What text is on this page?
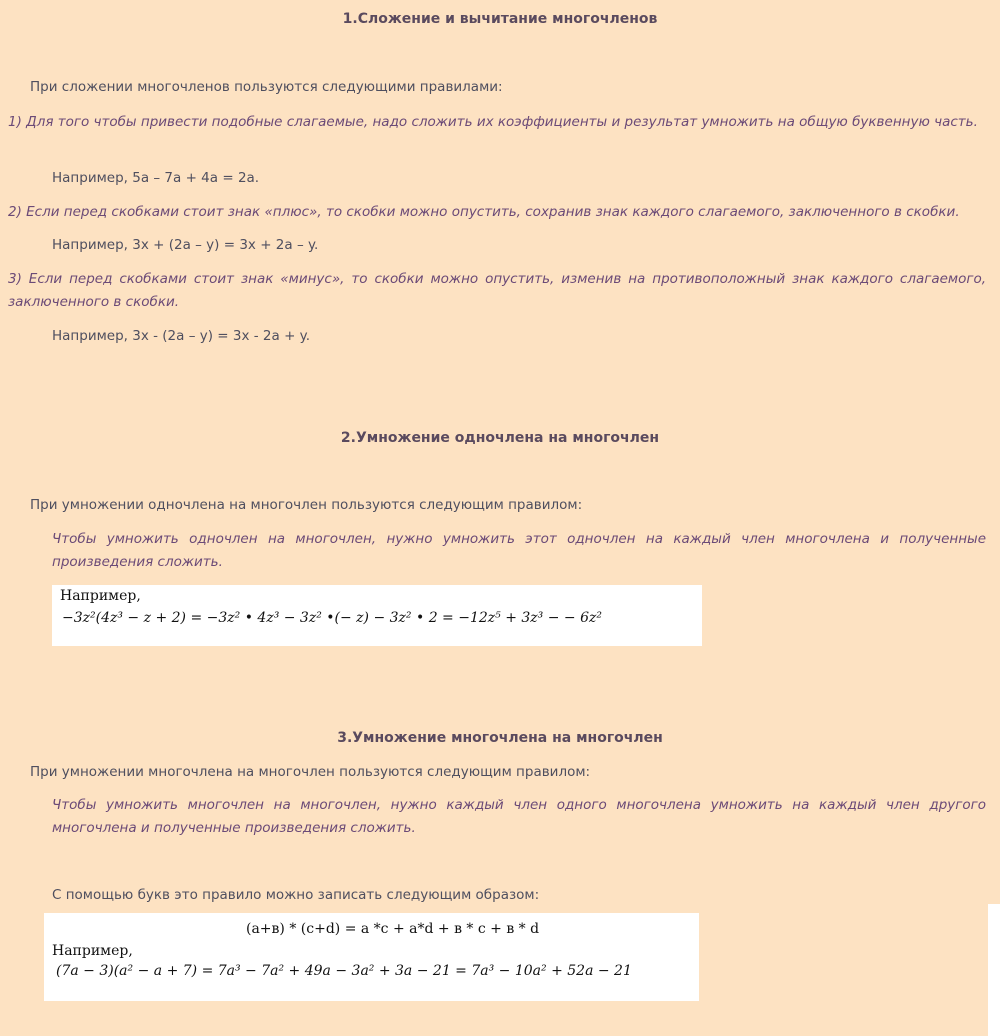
1.Сложение и вычитание многочленов
При сложении многочленов пользуются следующими правилами:
1) Для того чтобы привести подобные слагаемые, надо сложить их коэффициенты и результат умножить на общую буквенную часть.
Например, 5а – 7а + 4а = 2а.
2) Если перед скобками стоит знак «плюс», то скобки можно опустить, сохранив знак каждого слагаемого, заключенного в скобки.
Например, 3x + (2a – y) = 3x + 2a – y.
3) Если перед скобками стоит знак «минус», то скобки можно опустить, изменив на противоположный знак каждого слагаемого, заключенного в скобки.
Например, 3x - (2a – y) = 3x - 2a + y.
2.Умножение одночлена на многочлен
При умножении одночлена на многочлен пользуются следующим правилом:
Чтобы умножить одночлен на многочлен, нужно умножить этот одночлен на каждый член многочлена и полученные произведения сложить.
Например,
−3z²(4z³ − z + 2) = −3z² • 4z³ − 3z² •(− z) − 3z² • 2 = −12z⁵ + 3z³ − − 6z²
3.Умножение многочлена на многочлен
При умножении многочлена на многочлен пользуются следующим правилом:
Чтобы умножить многочлен на многочлен, нужно каждый член одного многочлена умножить на каждый член другого многочлена и полученные произведения сложить.
С помощью букв это правило можно записать следующим образом:
(а+в) * (c+d) = a *c + a*d + в * c + в * d
Например,
(7a − 3)(a² − a + 7) = 7a³ − 7a² + 49a − 3a² + 3a − 21 = 7a³ − 10a² + 52a − 21
